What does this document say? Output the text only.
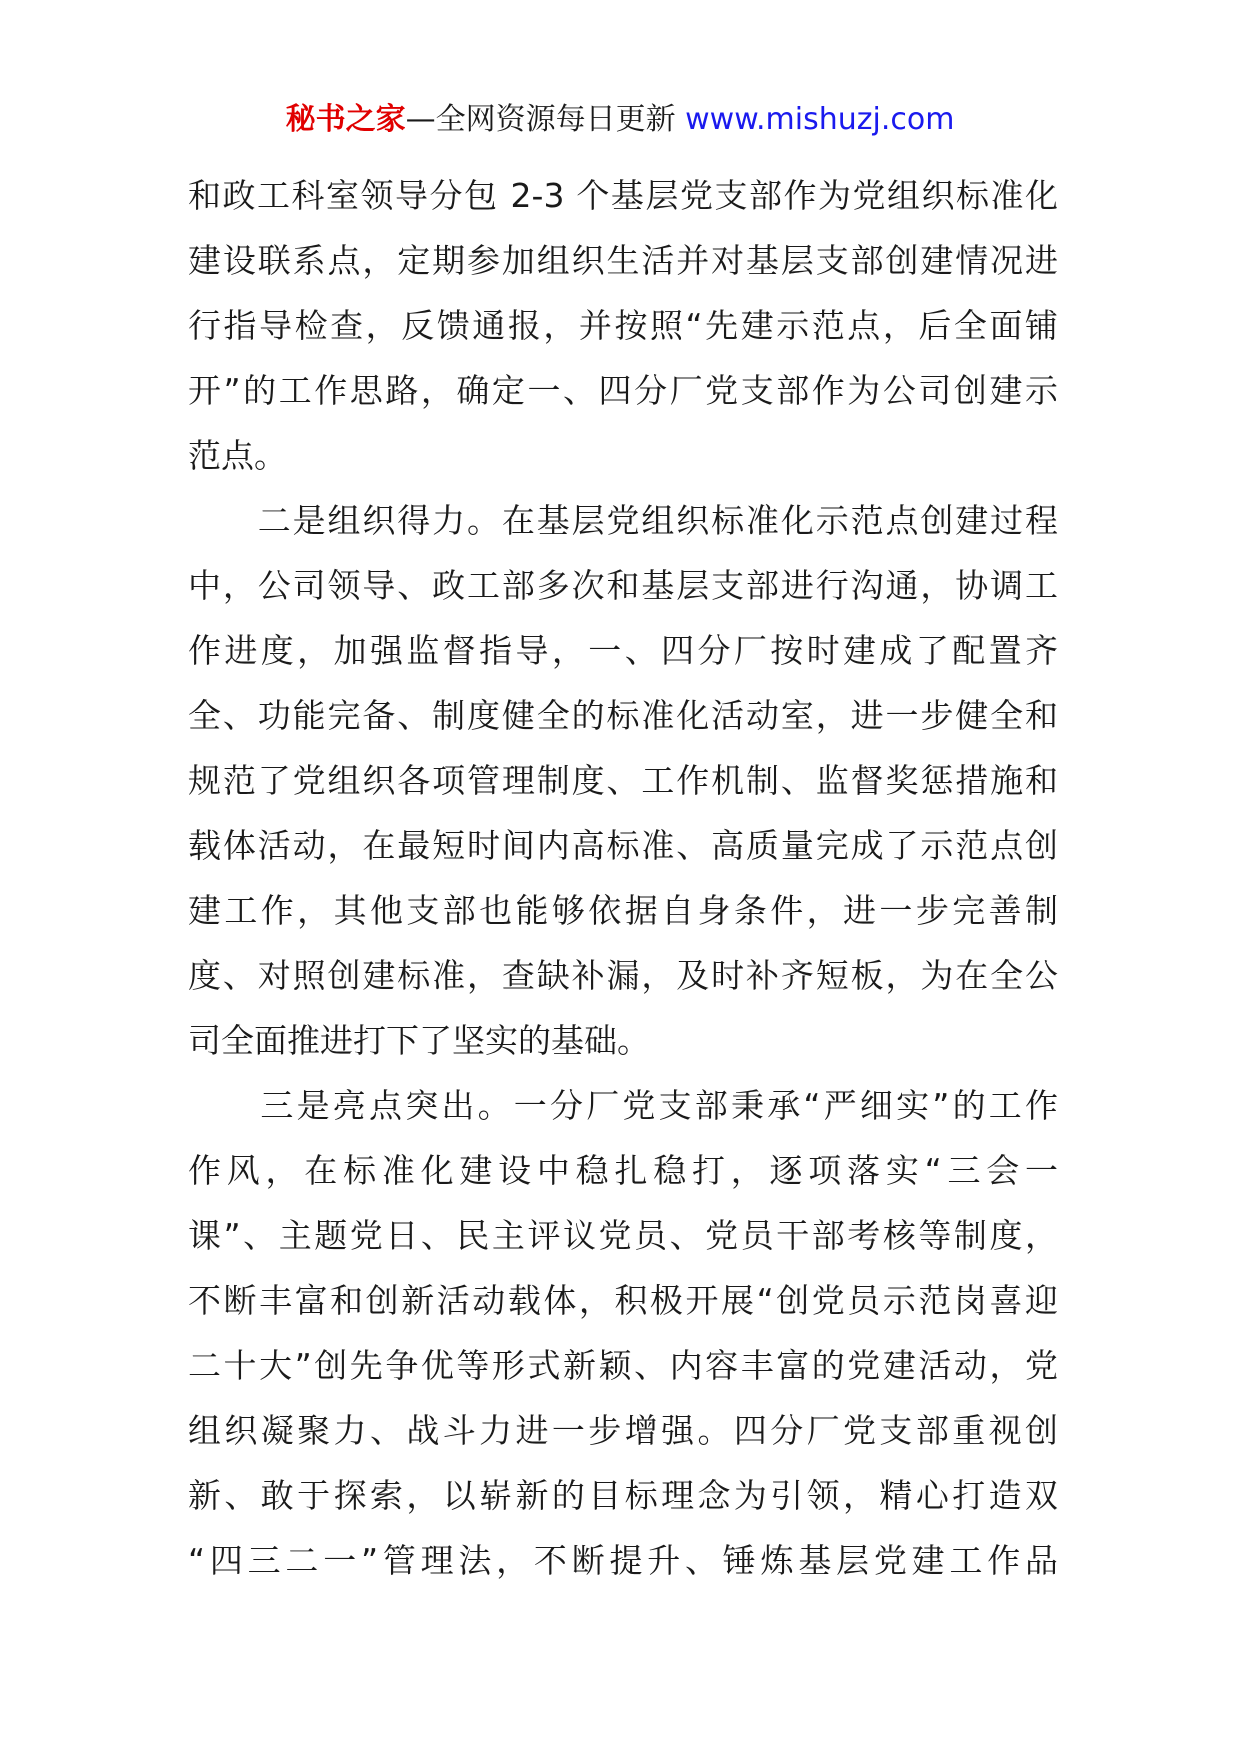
秘书之家—全网资源每日更新 www.mishuzj.com
和政工科室领导分包 2-3 个基层党支部作为党组织标准化
建设联系点，定期参加组织生活并对基层支部创建情况进
行指导检查，反馈通报，并按照“先建示范点，后全面铺
开”的工作思路，确定一、四分厂党支部作为公司创建示
范点。
　　二是组织得力。在基层党组织标准化示范点创建过程
中，公司领导、政工部多次和基层支部进行沟通，协调工
作进度，加强监督指导，一、四分厂按时建成了配置齐
全、功能完备、制度健全的标准化活动室，进一步健全和
规范了党组织各项管理制度、工作机制、监督奖惩措施和
载体活动，在最短时间内高标准、高质量完成了示范点创
建工作，其他支部也能够依据自身条件，进一步完善制
度、对照创建标准，查缺补漏，及时补齐短板，为在全公
司全面推进打下了坚实的基础。
　　三是亮点突出。一分厂党支部秉承“严细实”的工作
作风，在标准化建设中稳扎稳打，逐项落实“三会一
课”、主题党日、民主评议党员、党员干部考核等制度，
不断丰富和创新活动载体，积极开展“创党员示范岗喜迎
二十大”创先争优等形式新颖、内容丰富的党建活动，党
组织凝聚力、战斗力进一步增强。四分厂党支部重视创
新、敢于探索，以崭新的目标理念为引领，精心打造双
“四三二一”管理法，不断提升、锤炼基层党建工作品
